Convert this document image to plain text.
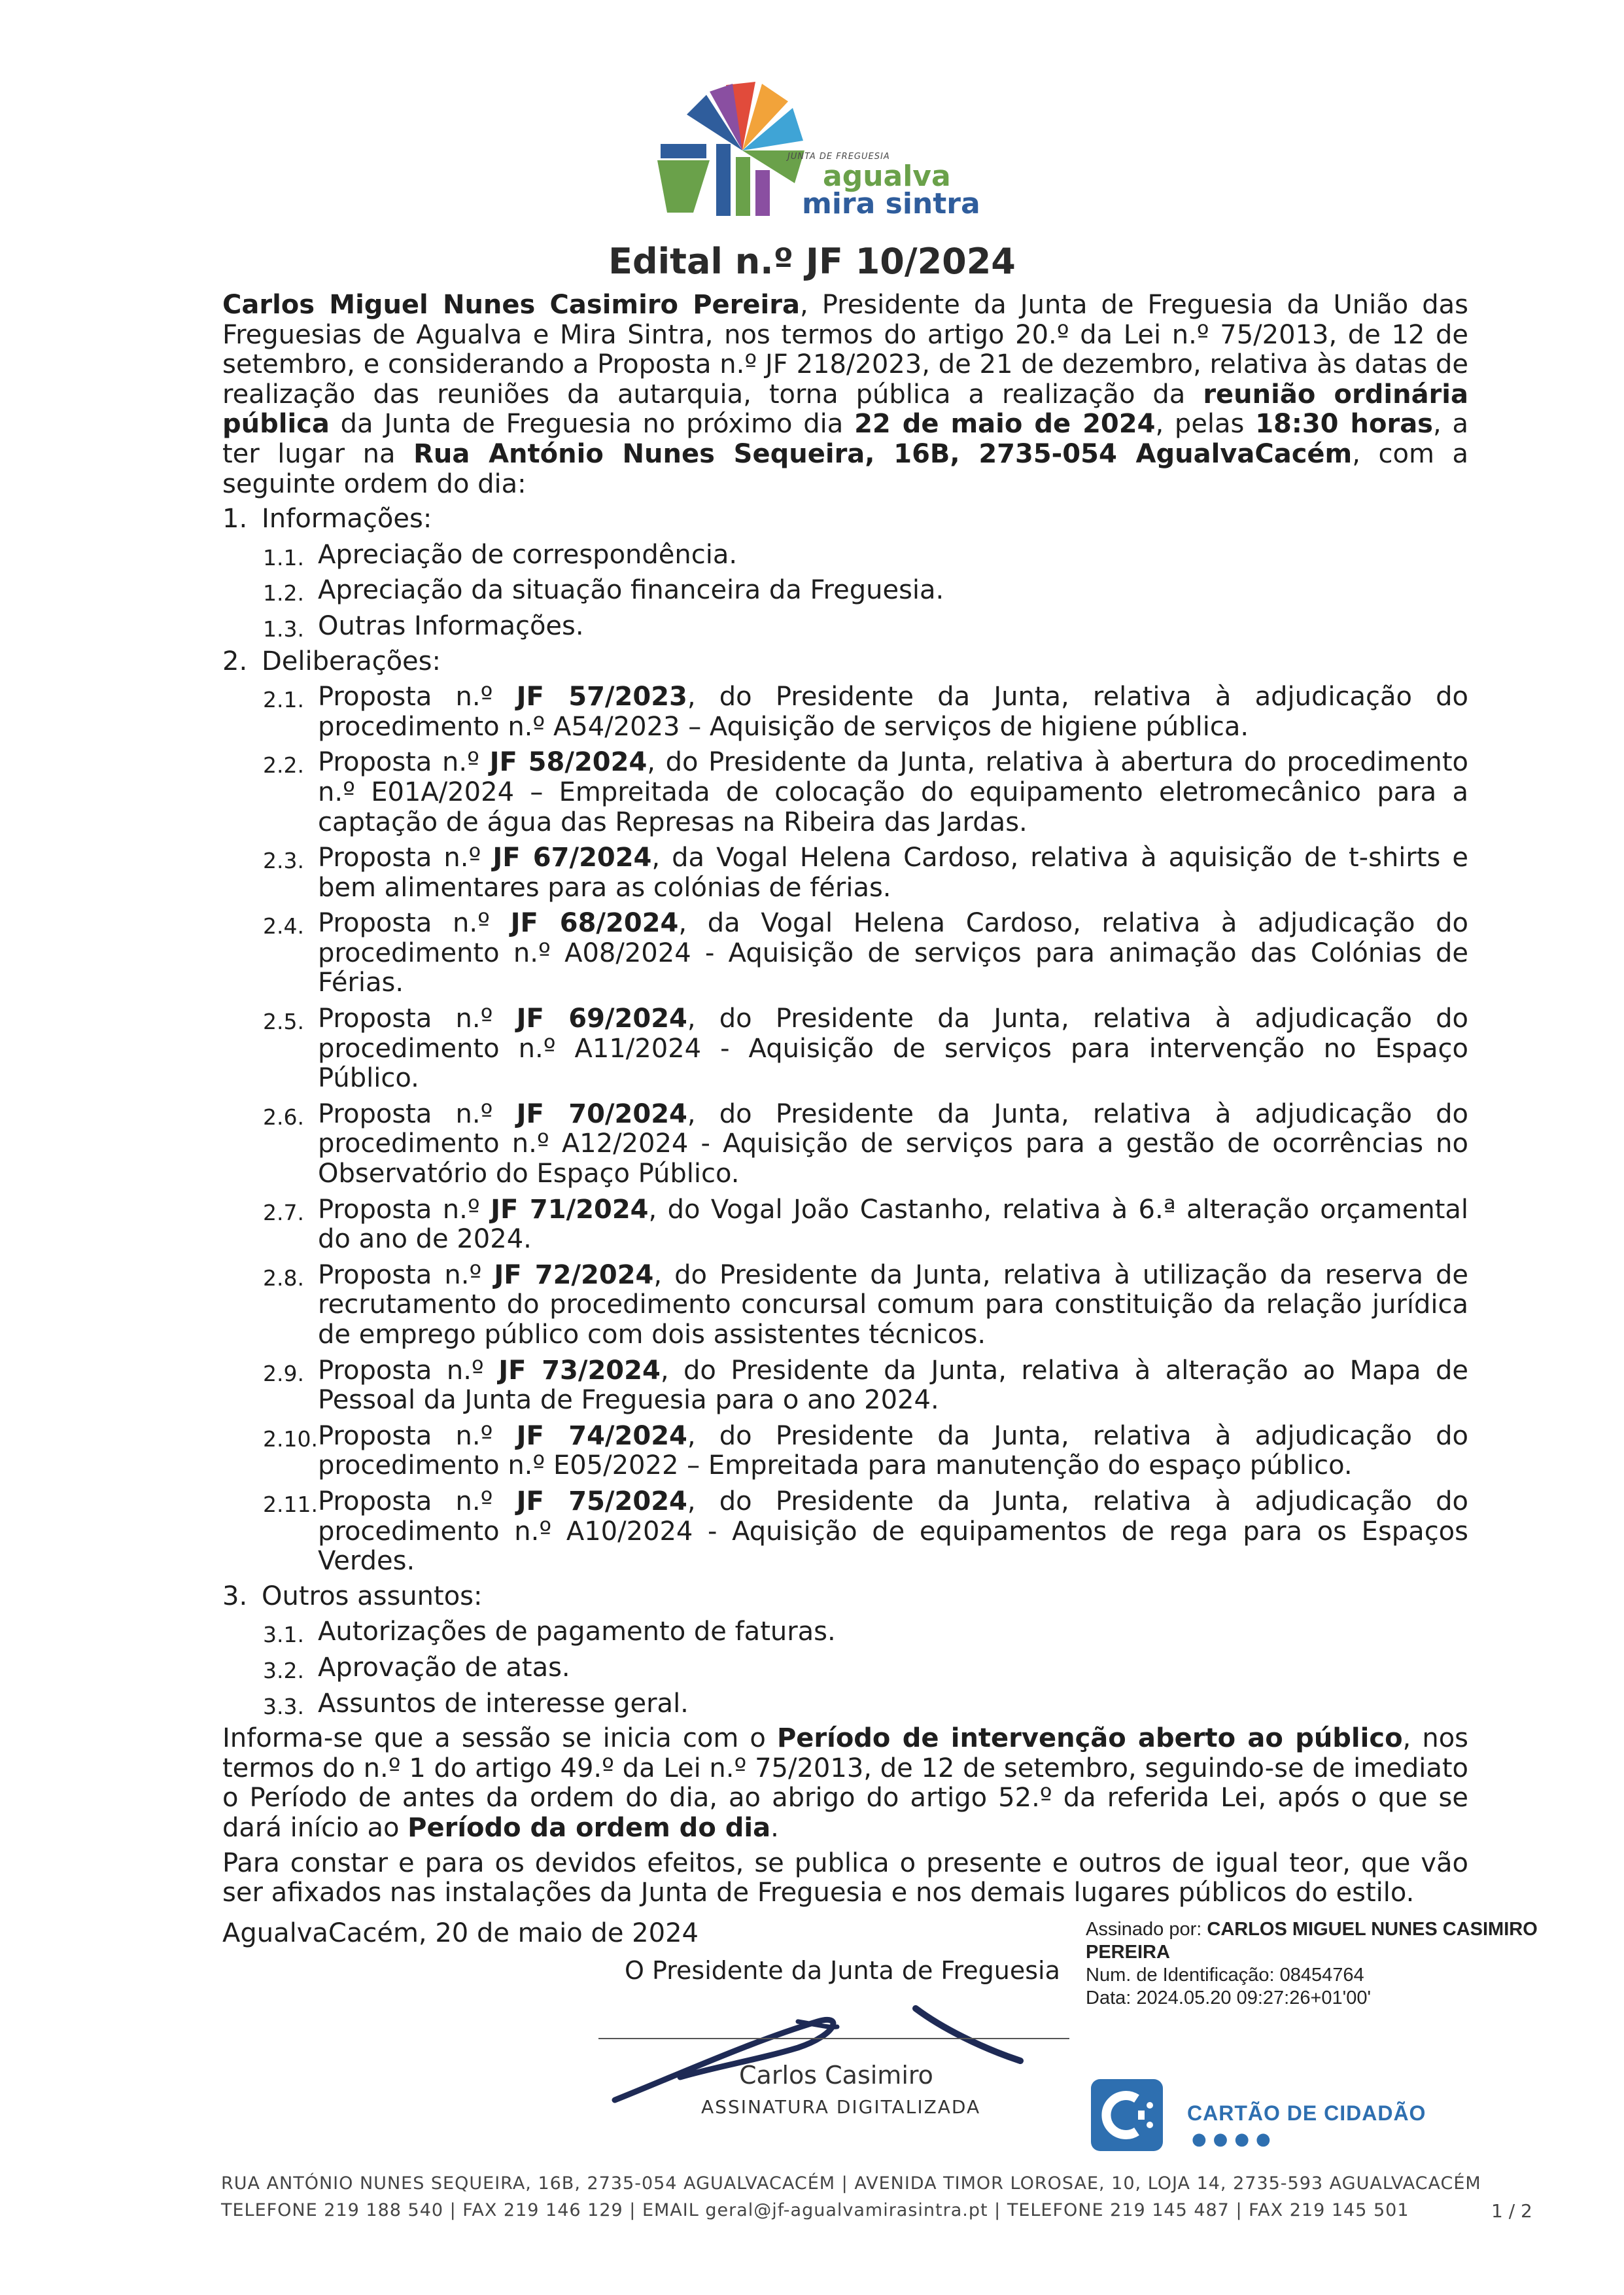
JUNTA DE FREGUESIA
agualva
mira sintra
Edital n.º JF 10/2024

Carlos Miguel Nunes Casimiro Pereira, Presidente da Junta de Freguesia da União das Freguesias de Agualva e Mira Sintra, nos termos do artigo 20.º da Lei n.º 75/2013, de 12 de setembro, e considerando a Proposta n.º JF 218/2023, de 21 de dezembro, relativa às datas de realização das reuniões da autarquia, torna pública a realização da reunião ordinária pública da Junta de Freguesia no próximo dia 22 de maio de 2024, pelas 18:30 horas, a ter lugar na Rua António Nunes Sequeira, 16B, 2735-054 AgualvaCacém, com a seguinte ordem do dia:

1. Informações:
1.1. Apreciação de correspondência.
1.2. Apreciação da situação financeira da Freguesia.
1.3. Outras Informações.
2. Deliberações:
2.1. Proposta n.º JF 57/2023, do Presidente da Junta, relativa à adjudicação do procedimento n.º A54/2023 – Aquisição de serviços de higiene pública.
2.2. Proposta n.º JF 58/2024, do Presidente da Junta, relativa à abertura do procedimento n.º E01A/2024 – Empreitada de colocação do equipamento eletromecânico para a captação de água das Represas na Ribeira das Jardas.
2.3. Proposta n.º JF 67/2024, da Vogal Helena Cardoso, relativa à aquisição de t-shirts e bem alimentares para as colónias de férias.
2.4. Proposta n.º JF 68/2024, da Vogal Helena Cardoso, relativa à adjudicação do procedimento n.º A08/2024 - Aquisição de serviços para animação das Colónias de Férias.
2.5. Proposta n.º JF 69/2024, do Presidente da Junta, relativa à adjudicação do procedimento n.º A11/2024 - Aquisição de serviços para intervenção no Espaço Público.
2.6. Proposta n.º JF 70/2024, do Presidente da Junta, relativa à adjudicação do procedimento n.º A12/2024 - Aquisição de serviços para a gestão de ocorrências no Observatório do Espaço Público.
2.7. Proposta n.º JF 71/2024, do Vogal João Castanho, relativa à 6.ª alteração orçamental do ano de 2024.
2.8. Proposta n.º JF 72/2024, do Presidente da Junta, relativa à utilização da reserva de recrutamento do procedimento concursal comum para constituição da relação jurídica de emprego público com dois assistentes técnicos.
2.9. Proposta n.º JF 73/2024, do Presidente da Junta, relativa à alteração ao Mapa de Pessoal da Junta de Freguesia para o ano 2024.
2.10. Proposta n.º JF 74/2024, do Presidente da Junta, relativa à adjudicação do procedimento n.º E05/2022 – Empreitada para manutenção do espaço público.
2.11. Proposta n.º JF 75/2024, do Presidente da Junta, relativa à adjudicação do procedimento n.º A10/2024 - Aquisição de equipamentos de rega para os Espaços Verdes.
3. Outros assuntos:
3.1. Autorizações de pagamento de faturas.
3.2. Aprovação de atas.
3.3. Assuntos de interesse geral.

Informa-se que a sessão se inicia com o Período de intervenção aberto ao público, nos termos do n.º 1 do artigo 49.º da Lei n.º 75/2013, de 12 de setembro, seguindo-se de imediato o Período de antes da ordem do dia, ao abrigo do artigo 52.º da referida Lei, após o que se dará início ao Período da ordem do dia.

Para constar e para os devidos efeitos, se publica o presente e outros de igual teor, que vão ser afixados nas instalações da Junta de Freguesia e nos demais lugares públicos do estilo.

AgualvaCacém, 20 de maio de 2024
O Presidente da Junta de Freguesia
Carlos Casimiro
ASSINATURA DIGITALIZADA
Assinado por: CARLOS MIGUEL NUNES CASIMIRO PEREIRA
Num. de Identificação: 08454764
Data: 2024.05.20 09:27:26+01'00'
CARTÃO DE CIDADÃO
●●●●
RUA ANTÓNIO NUNES SEQUEIRA, 16B, 2735-054 AGUALVACACÉM | AVENIDA TIMOR LOROSAE, 10, LOJA 14, 2735-593 AGUALVACACÉM
TELEFONE 219 188 540 | FAX 219 146 129 | EMAIL geral@jf-agualvamirasintra.pt | TELEFONE 219 145 487 | FAX 219 145 501	1 / 2
